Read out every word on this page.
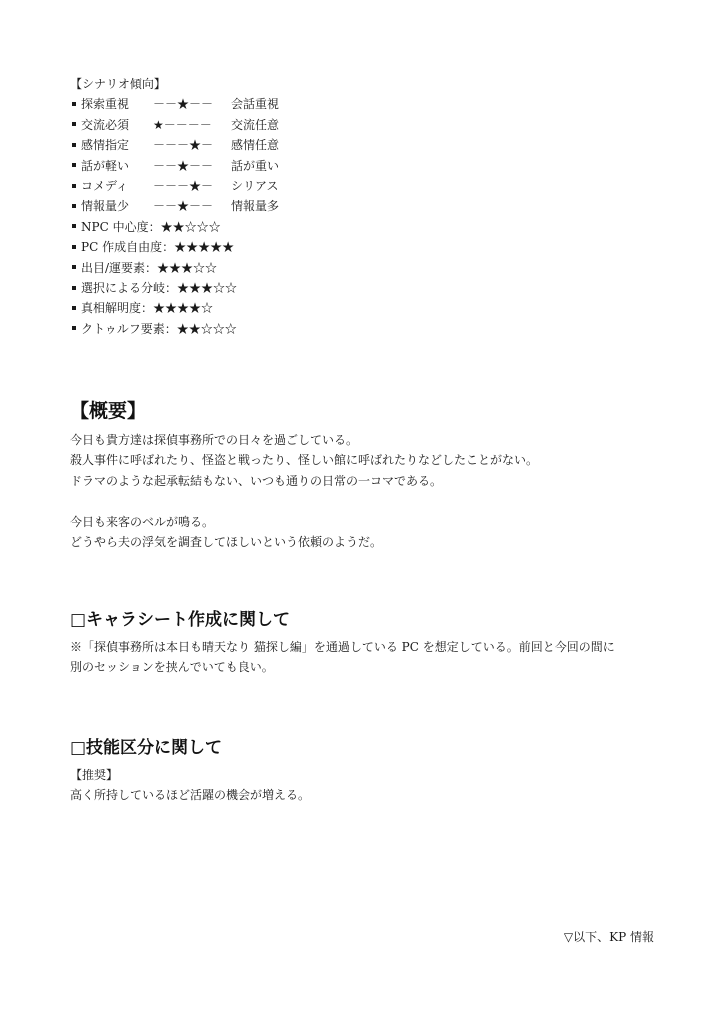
【シナリオ傾向】
探索重視 －－★－－ 会話重視
交流必須 ★－－－－ 交流任意
感情指定 －－－★－ 感情任意
話が軽い －－★－－ 話が重い
コメディ －－－★－ シリアス
情報量少 －－★－－ 情報量多
NPC 中心度：★★☆☆☆
PC 作成自由度：★★★★★
出目/運要素：★★★☆☆
選択による分岐：★★★☆☆
真相解明度：★★★★☆
クトゥルフ要素：★★☆☆☆
【概要】

今日も貴方達は探偵事務所での日々を過ごしている。

殺人事件に呼ばれたり、怪盗と戦ったり、怪しい館に呼ばれたりなどしたことがない。

ドラマのような起承転結もない、いつも通りの日常の一コマである。

今日も来客のベルが鳴る。

どうやら夫の浮気を調査してほしいという依頼のようだ。

□キャラシート作成に関して

※「探偵事務所は本日も晴天なり 猫探し編」を通過している PC を想定している。前回と今回の間に

別のセッションを挟んでいても良い。

□技能区分に関して

【推奨】

高く所持しているほど活躍の機会が増える。

▽以下、KP 情報
